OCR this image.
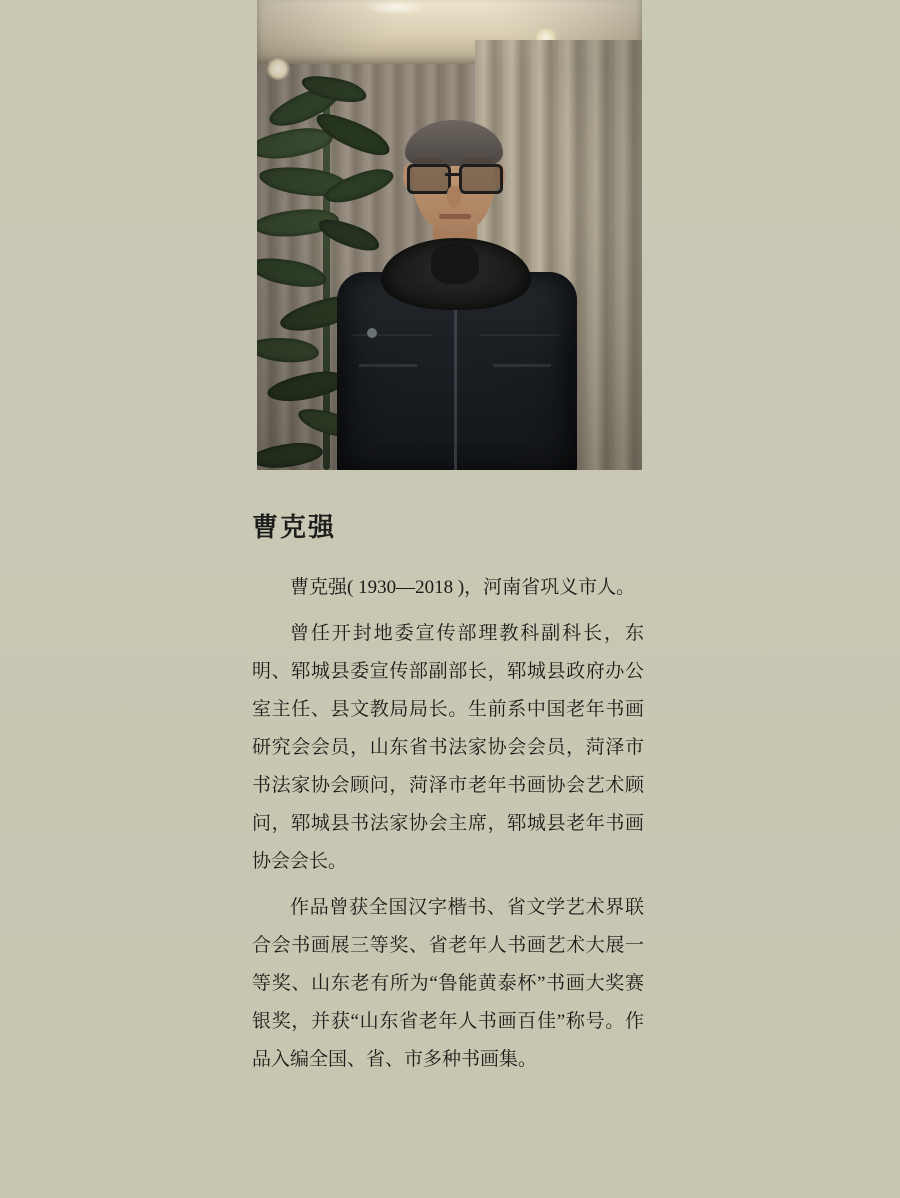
曹克强

曹克强( 1930—2018 )，河南省巩义市人。

曾任开封地委宣传部理教科副科长，东明、郓城县委宣传部副部长，郓城县政府办公室主任、县文教局局长。生前系中国老年书画研究会会员，山东省书法家协会会员，菏泽市书法家协会顾问，菏泽市老年书画协会艺术顾问，郓城县书法家协会主席，郓城县老年书画协会会长。

作品曾获全国汉字楷书、省文学艺术界联合会书画展三等奖、省老年人书画艺术大展一等奖、山东老有所为“鲁能黄泰杯”书画大奖赛银奖，并获“山东省老年人书画百佳”称号。作品入编全国、省、市多种书画集。
